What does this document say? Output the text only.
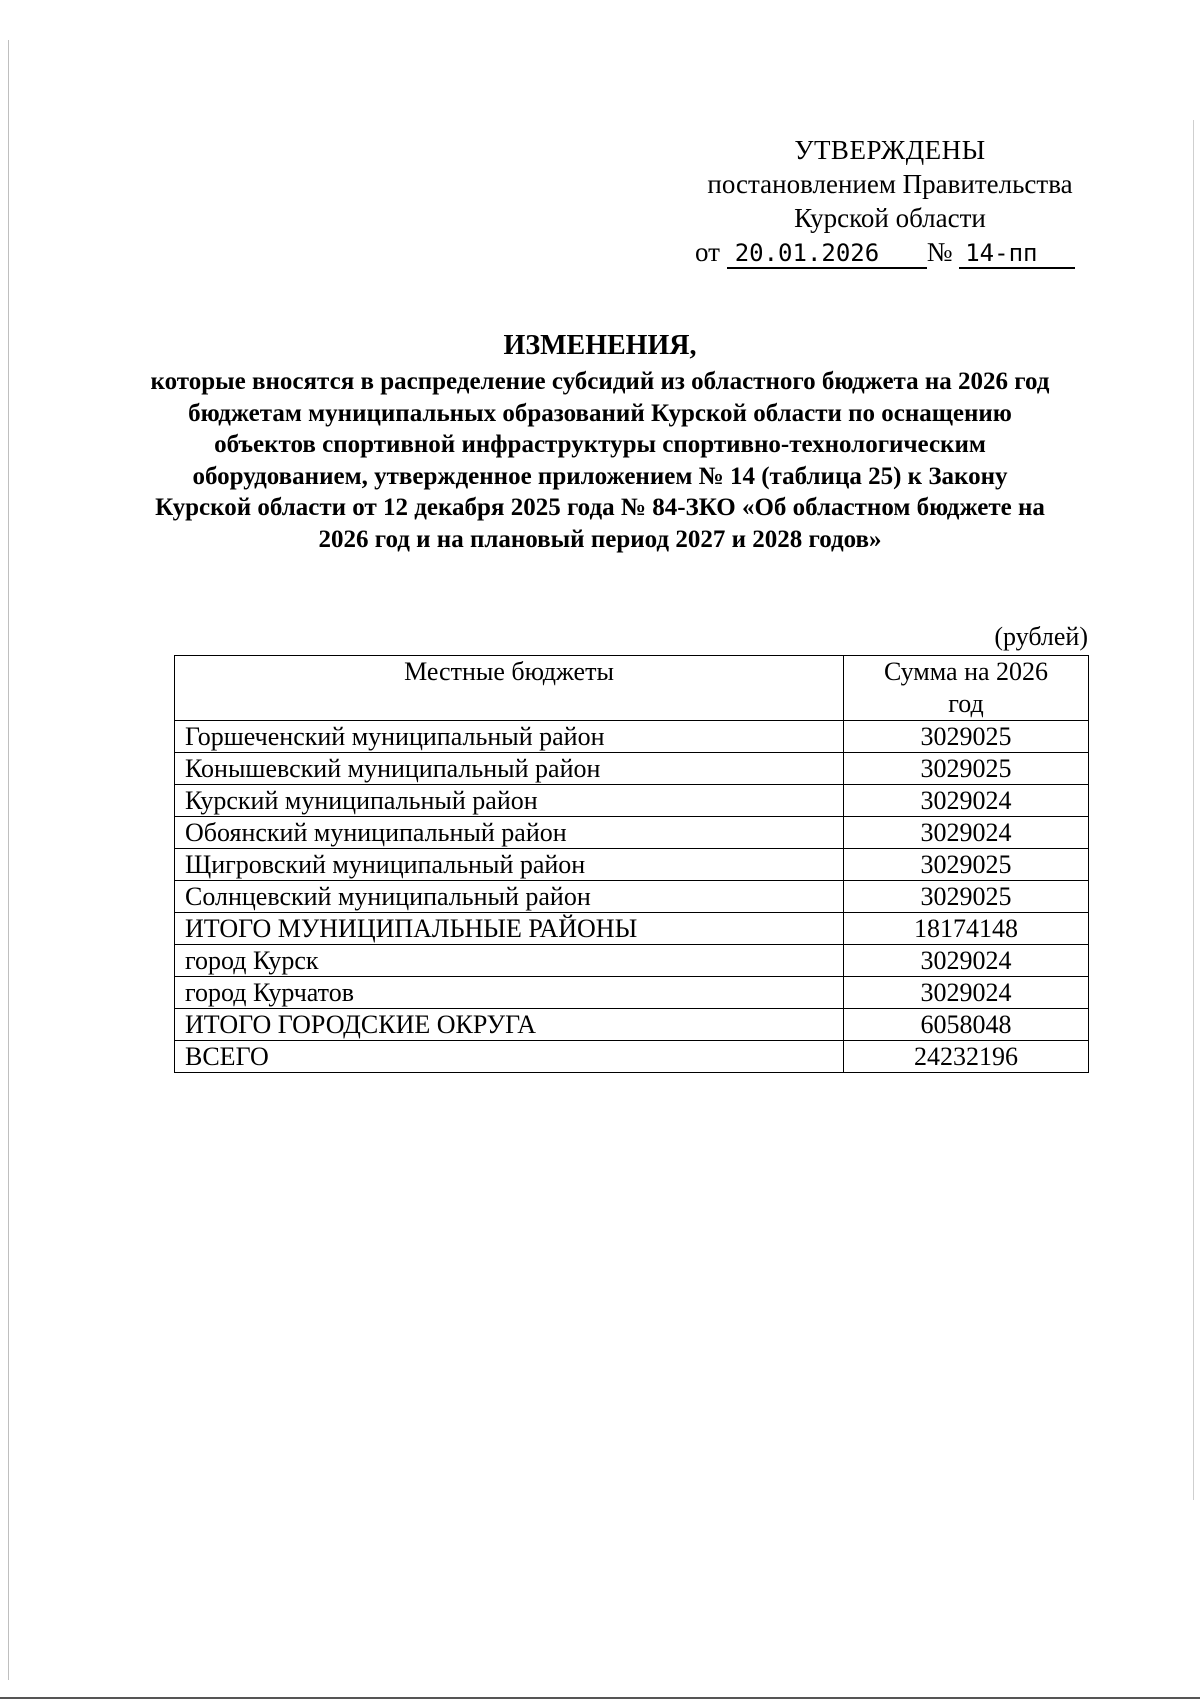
УТВЕРЖДЕНЫ
постановлением Правительства
Курской области
от 20.01.2026 № 14-пп
ИЗМЕНЕНИЯ,
которые вносятся в распределение субсидий из областного бюджета на 2026 год бюджетам муниципальных образований Курской области по оснащению объектов спортивной инфраструктуры спортивно-технологическим оборудованием, утвержденное приложением № 14 (таблица 25) к Закону Курской области от 12 декабря 2025 года № 84-ЗКО «Об областном бюджете на 2026 год и на плановый период 2027 и 2028 годов»
(рублей)
Местные бюджеты	Сумма на 2026 год
Горшеченский муниципальный район	3029025
Конышевский муниципальный район	3029025
Курский муниципальный район	3029024
Обоянский муниципальный район	3029024
Щигровский муниципальный район	3029025
Солнцевский муниципальный район	3029025
ИТОГО МУНИЦИПАЛЬНЫЕ РАЙОНЫ	18174148
город Курск	3029024
город Курчатов	3029024
ИТОГО ГОРОДСКИЕ ОКРУГА	6058048
ВСЕГО	24232196
